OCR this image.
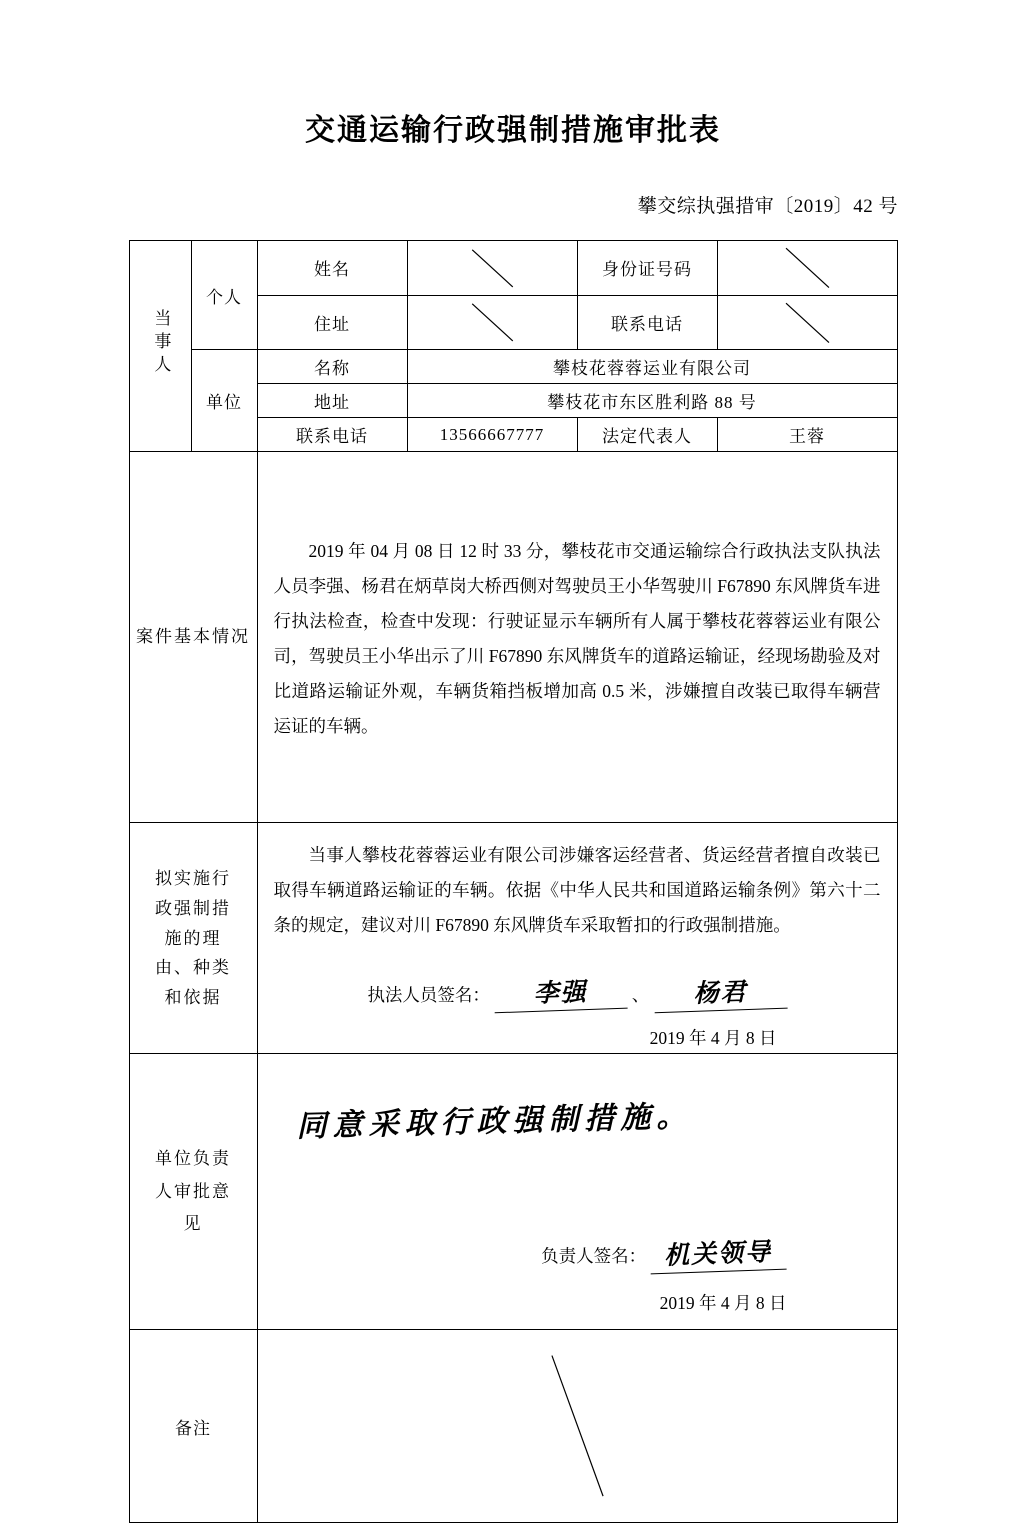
交通运输行政强制措施审批表
攀交综执强措审〔2019〕42 号
当事人	个人	姓名		身份证号码	

		住址		联系电话	

	单位	名称	攀枝花蓉蓉运业有限公司		
		地址	攀枝花市东区胜利路 88 号		
		联系电话	13566667777	法定代表人	王蓉
案件基本情况		2019 年 04 月 08 日 12 时 33 分，攀枝花市交通运输综合行政执法支队执法人员李强、杨君在炳草岗大桥西侧对驾驶员王小华驾驶川 F67890 东风牌货车进行执法检查，检查中发现：行驶证显示车辆所有人属于攀枝花蓉蓉运业有限公司，驾驶员王小华出示了川 F67890 东风牌货车的道路运输证，经现场勘验及对比道路运输证外观，车辆货箱挡板增加高 0.5 米，涉嫌擅自改装已取得车辆营运证的车辆。			

拟实施行政强制措施的理由、种类和依据		当事人攀枝花蓉蓉运业有限公司涉嫌客运经营者、货运经营者擅自改装已取得车辆道路运输证的车辆。依据《中华人民共和国道路运输条例》第六十二条的规定，建议对川 F67890 东风牌货车采取暂扣的行政强制措施。

执法人员签名： 李强 、 杨君
2019 年 4 月 8 日			

单位负责人审批意见		同意采取行政强制措施。
负责人签名： 机关领导
2019 年 4 月 8 日			

备注	
